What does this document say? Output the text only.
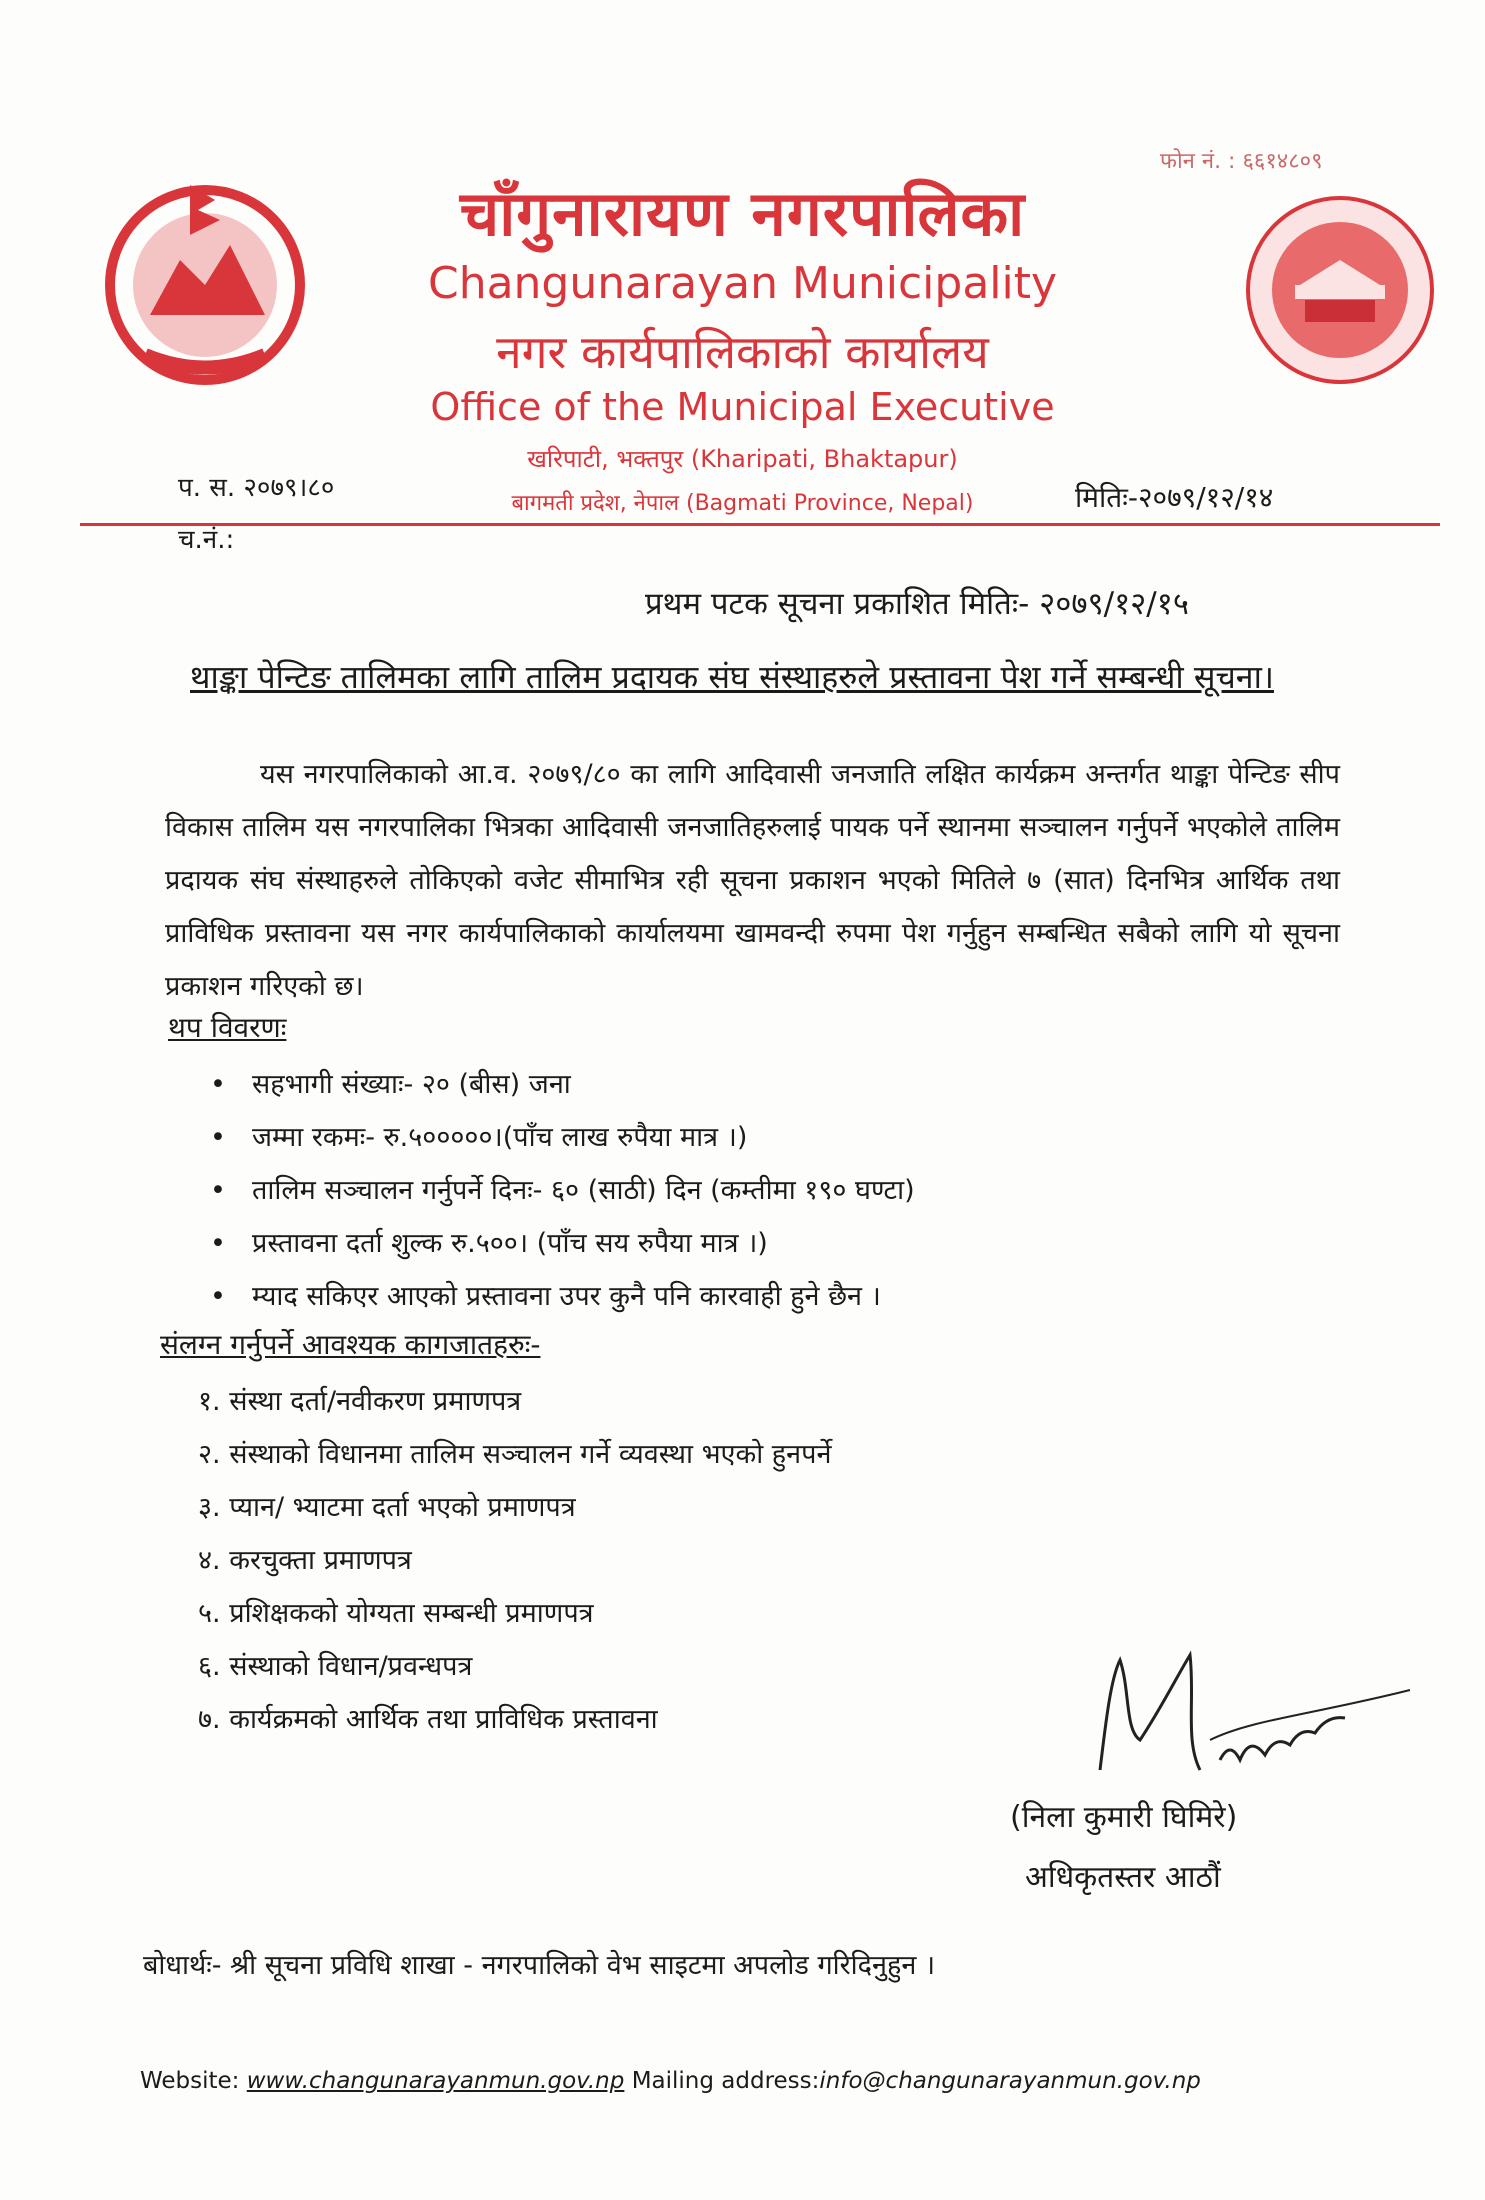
फोन नं. : ६६१४८०९
चाँगुनारायण नगरपालिका
Changunarayan Municipality
नगर कार्यपालिकाको कार्यालय
Office of the Municipal Executive
खरिपाटी, भक्तपुर (Kharipati, Bhaktapur)
बागमती प्रदेश, नेपाल (Bagmati Province, Nepal)
प. स. २०७९।८०
च.नं.:
मितिः-२०७९/१२/१४
प्रथम पटक सूचना प्रकाशित मितिः- २०७९/१२/१५
थाङ्का पेन्टिङ तालिमका लागि तालिम प्रदायक संघ संस्थाहरुले प्रस्तावना पेश गर्ने सम्बन्धी सूचना।
यस नगरपालिकाको आ.व. २०७९/८० का लागि आदिवासी जनजाति लक्षित कार्यक्रम अन्तर्गत थाङ्का पेन्टिङ सीप विकास तालिम यस नगरपालिका भित्रका आदिवासी जनजातिहरुलाई पायक पर्ने स्थानमा सञ्चालन गर्नुपर्ने भएकोले तालिम प्रदायक संघ संस्थाहरुले तोकिएको वजेट सीमाभित्र रही सूचना प्रकाशन भएको मितिले ७ (सात) दिनभित्र आर्थिक तथा प्राविधिक प्रस्तावना यस नगर कार्यपालिकाको कार्यालयमा खामवन्दी रुपमा पेश गर्नुहुन सम्बन्धित सबैको लागि यो सूचना प्रकाशन गरिएको छ।
थप विवरणः
• सहभागी संख्याः- २० (बीस) जना
• जम्मा रकमः- रु.५०००००।(पाँच लाख रुपैया मात्र ।)
• तालिम सञ्चालन गर्नुपर्ने दिनः- ६० (साठी) दिन (कम्तीमा १९० घण्टा)
• प्रस्तावना दर्ता शुल्क रु.५००। (पाँच सय रुपैया मात्र ।)
• म्याद सकिएर आएको प्रस्तावना उपर कुनै पनि कारवाही हुने छैन ।
संलग्न गर्नुपर्ने आवश्यक कागजातहरुः-
१. संस्था दर्ता/नवीकरण प्रमाणपत्र
२. संस्थाको विधानमा तालिम सञ्चालन गर्ने व्यवस्था भएको हुनपर्ने
३. प्यान/ भ्याटमा दर्ता भएको प्रमाणपत्र
४. करचुक्ता प्रमाणपत्र
५. प्रशिक्षकको योग्यता सम्बन्धी प्रमाणपत्र
६. संस्थाको विधान/प्रवन्धपत्र
७. कार्यक्रमको आर्थिक तथा प्राविधिक प्रस्तावना
(निला कुमारी घिमिरे)
अधिकृतस्तर आठौं
बोधार्थः- श्री सूचना प्रविधि शाखा - नगरपालिको वेभ साइटमा अपलोड गरिदिनुहुन ।
Website: www.changunarayanmun.gov.np Mailing address:info@changunarayanmun.gov.np
